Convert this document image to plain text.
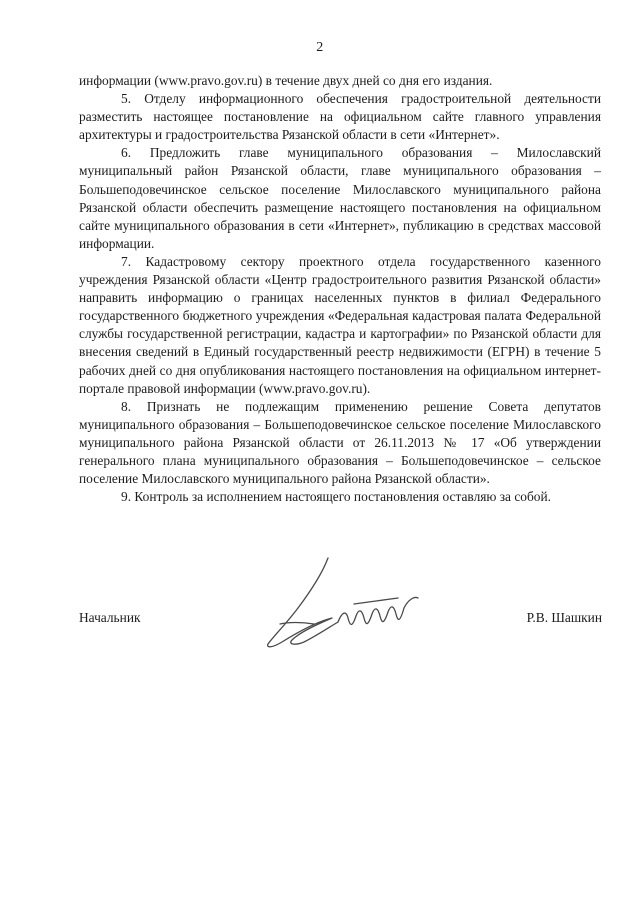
2

информации (www.pravo.gov.ru) в течение двух дней со дня его издания.

5. Отделу информационного обеспечения градостроительной деятельности разместить настоящее постановление на официальном сайте главного управления архитектуры и градостроительства Рязанской области в сети «Интернет».

6. Предложить главе муниципального образования – Милославский муниципальный район Рязанской области, главе муниципального образования – Большеподовечинское сельское поселение Милославского муниципального района Рязанской области обеспечить размещение настоящего постановления на официальном сайте муниципального образования в сети «Интернет», публикацию в средствах массовой информации.

7. Кадастровому сектору проектного отдела государственного казенного учреждения Рязанской области «Центр градостроительного развития Рязанской области» направить информацию о границах населенных пунктов в филиал Федерального государственного бюджетного учреждения «Федеральная кадастровая палата Федеральной службы государственной регистрации, кадастра и картографии» по Рязанской области для внесения сведений в Единый государственный реестр недвижимости (ЕГРН) в течение 5 рабочих дней со дня опубликования настоящего постановления на официальном интернет-портале правовой информации (www.pravo.gov.ru).

8. Признать не подлежащим применению решение Совета депутатов муниципального образования – Большеподовечинское сельское поселение Милославского муниципального района Рязанской области от 26.11.2013 № 17 «Об утверждении генерального плана муниципального образования – Большеподовечинское – сельское поселение Милославского муниципального района Рязанской области».

9. Контроль за исполнением настоящего постановления оставляю за собой.

Начальник	Р.В. Шашкин
